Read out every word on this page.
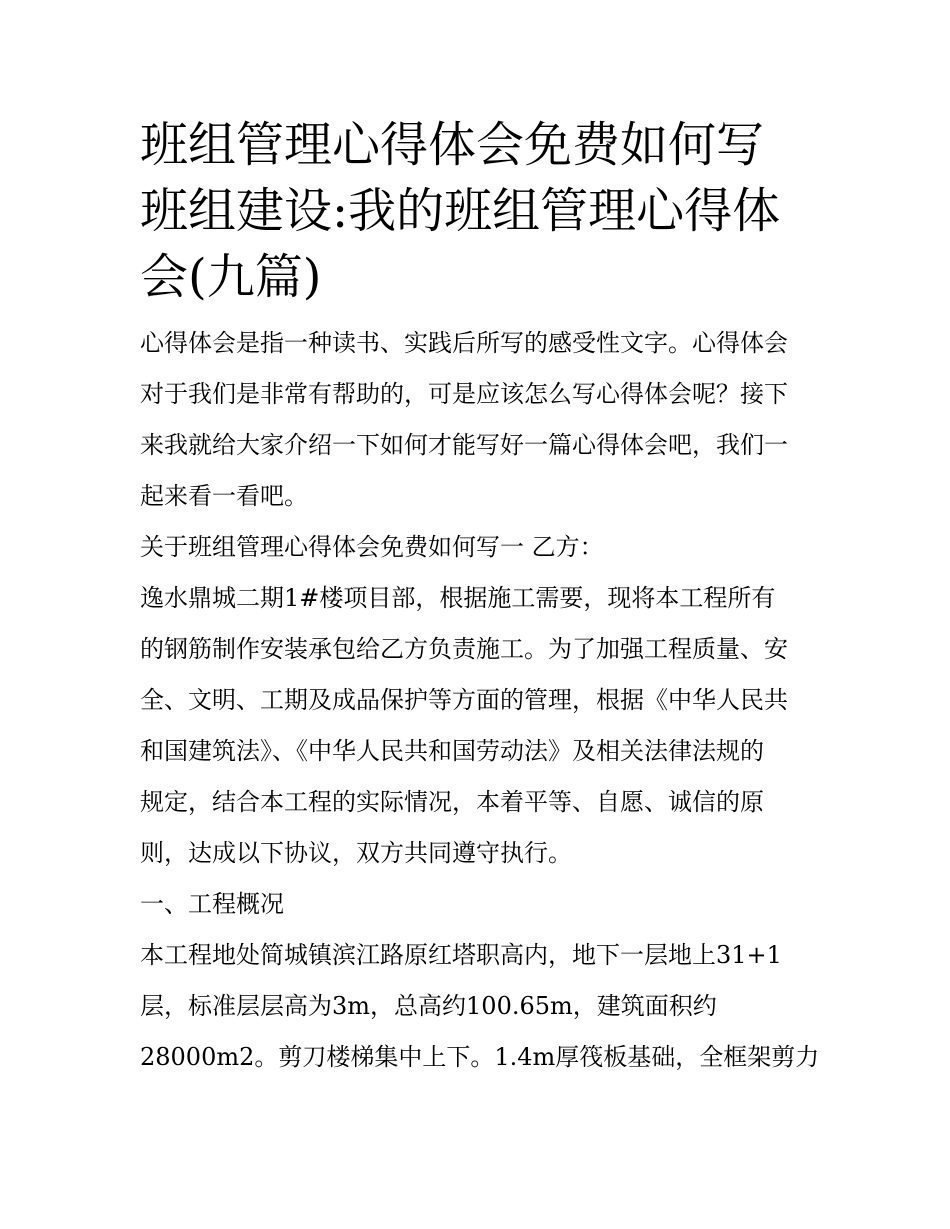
班组管理心得体会免费如何写
班组建设:我的班组管理心得体
会(九篇)

心得体会是指一种读书、实践后所写的感受性文字。心得体会
对于我们是非常有帮助的，可是应该怎么写心得体会呢？接下
来我就给大家介绍一下如何才能写好一篇心得体会吧，我们一
起来看一看吧。

关于班组管理心得体会免费如何写一 乙方：

逸水鼎城二期1#楼项目部，根据施工需要，现将本工程所有
的钢筋制作安装承包给乙方负责施工。为了加强工程质量、安
全、文明、工期及成品保护等方面的管理，根据《中华人民共
和国建筑法》、《中华人民共和国劳动法》及相关法律法规的
规定，结合本工程的实际情况，本着平等、自愿、诚信的原
则，达成以下协议，双方共同遵守执行。

一、工程概况

本工程地处简城镇滨江路原红塔职高内，地下一层地上31+1
层，标准层层高为3m，总高约100.65m，建筑面积约
28000m2。剪刀楼梯集中上下。1.4m厚筏板基础，全框架剪力
